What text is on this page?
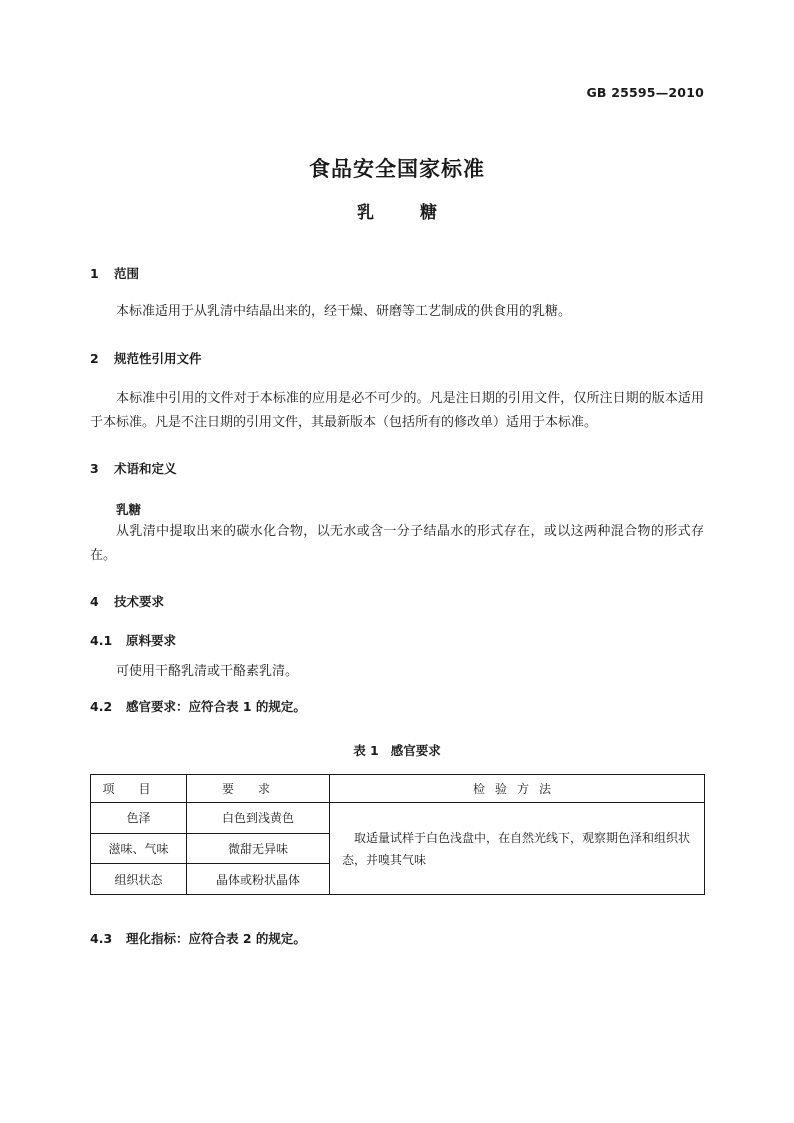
GB 25595—2010
食品安全国家标准
乳糖
1 范围
本标准适用于从乳清中结晶出来的，经干燥、研磨等工艺制成的供食用的乳糖。
2 规范性引用文件
本标准中引用的文件对于本标准的应用是必不可少的。凡是注日期的引用文件，仅所注日期的版本适用于本标准。凡是不注日期的引用文件，其最新版本（包括所有的修改单）适用于本标准。
3 术语和定义
乳糖
从乳清中提取出来的碳水化合物，以无水或含一分子结晶水的形式存在，或以这两种混合物的形式存在。
4 技术要求
4.1 原料要求
可使用干酪乳清或干酪素乳清。
4.2 感官要求：应符合表 1 的规定。
表 1 感官要求
项目	要求	检验方法
色泽	白色到浅黄色	取适量试样于白色浅盘中，在自然光线下，观察期色泽和组织状态，并嗅其气味
滋味、气味	微甜无异味	
组织状态	晶体或粉状晶体	
4.3 理化指标：应符合表 2 的规定。
